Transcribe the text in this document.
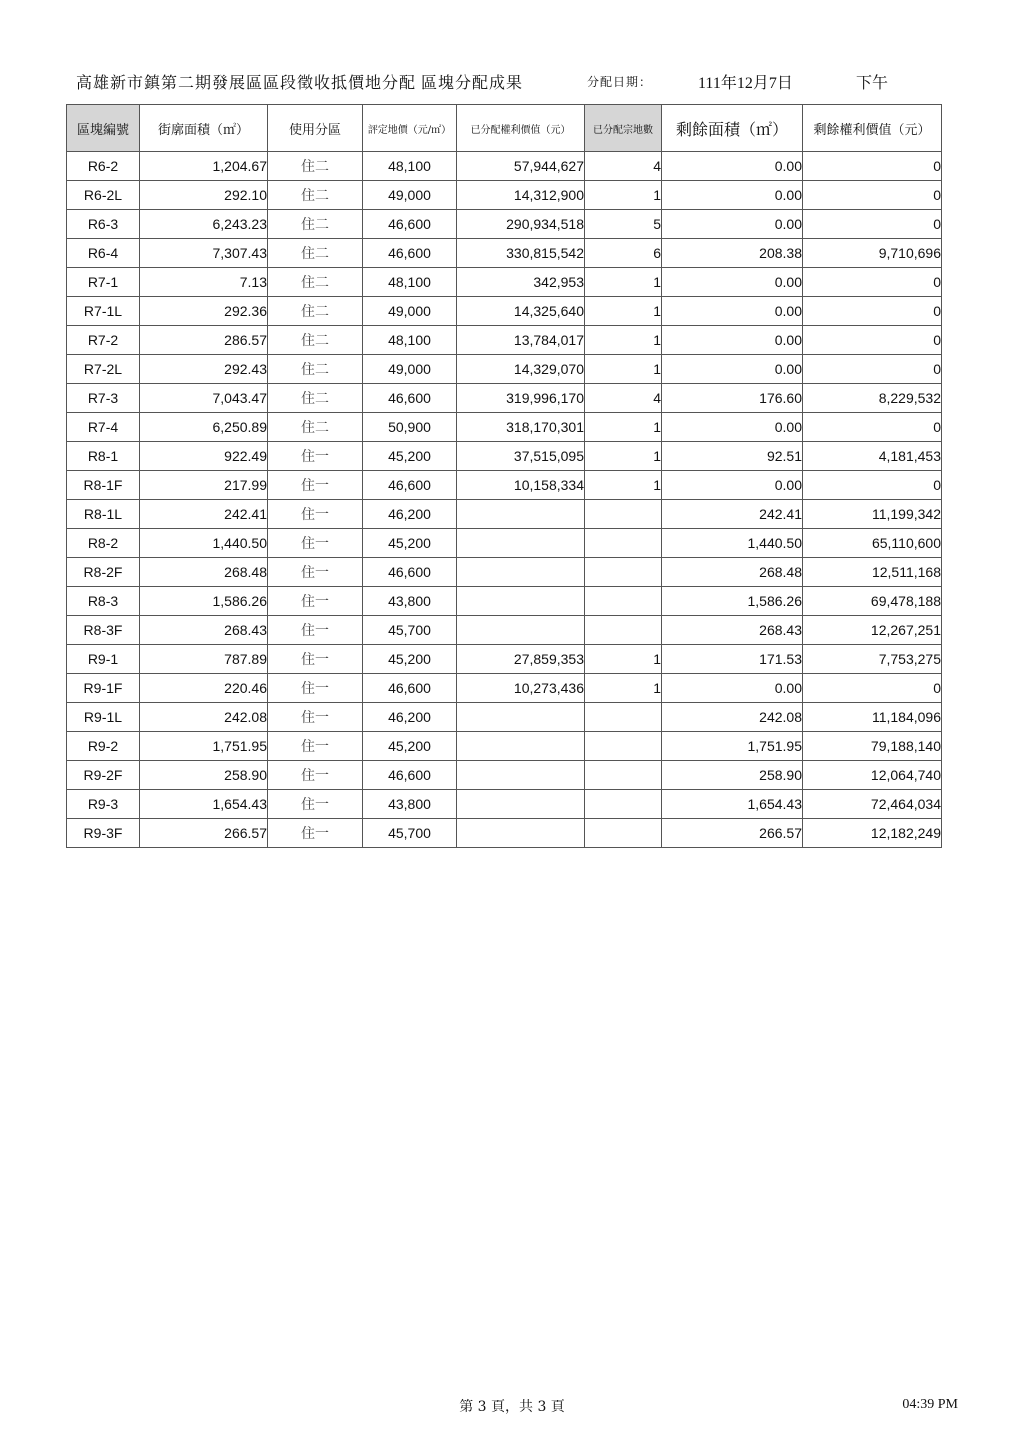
高雄新市鎮第二期發展區區段徵收抵價地分配 區塊分配成果	分配日期：	111年12月7日	下午
區塊編號	街廓面積（㎡）	使用分區	評定地價（元/㎡）	已分配權利價值（元）	已分配宗地數	剩餘面積（㎡）	剩餘權利價值（元）
R6-2	1,204.67	住二	48,100	57,944,627	4	0.00	0
R6-2L	292.10	住二	49,000	14,312,900	1	0.00	0
R6-3	6,243.23	住二	46,600	290,934,518	5	0.00	0
R6-4	7,307.43	住二	46,600	330,815,542	6	208.38	9,710,696
R7-1	7.13	住二	48,100	342,953	1	0.00	0
R7-1L	292.36	住二	49,000	14,325,640	1	0.00	0
R7-2	286.57	住二	48,100	13,784,017	1	0.00	0
R7-2L	292.43	住二	49,000	14,329,070	1	0.00	0
R7-3	7,043.47	住二	46,600	319,996,170	4	176.60	8,229,532
R7-4	6,250.89	住二	50,900	318,170,301	1	0.00	0
R8-1	922.49	住一	45,200	37,515,095	1	92.51	4,181,453
R8-1F	217.99	住一	46,600	10,158,334	1	0.00	0
R8-1L	242.41	住一	46,200			242.41	11,199,342
R8-2	1,440.50	住一	45,200			1,440.50	65,110,600
R8-2F	268.48	住一	46,600			268.48	12,511,168
R8-3	1,586.26	住一	43,800			1,586.26	69,478,188
R8-3F	268.43	住一	45,700			268.43	12,267,251
R9-1	787.89	住一	45,200	27,859,353	1	171.53	7,753,275
R9-1F	220.46	住一	46,600	10,273,436	1	0.00	0
R9-1L	242.08	住一	46,200			242.08	11,184,096
R9-2	1,751.95	住一	45,200			1,751.95	79,188,140
R9-2F	258.90	住一	46,600			258.90	12,064,740
R9-3	1,654.43	住一	43,800			1,654.43	72,464,034
R9-3F	266.57	住一	45,700			266.57	12,182,249
第 3 頁，共 3 頁	04:39 PM
